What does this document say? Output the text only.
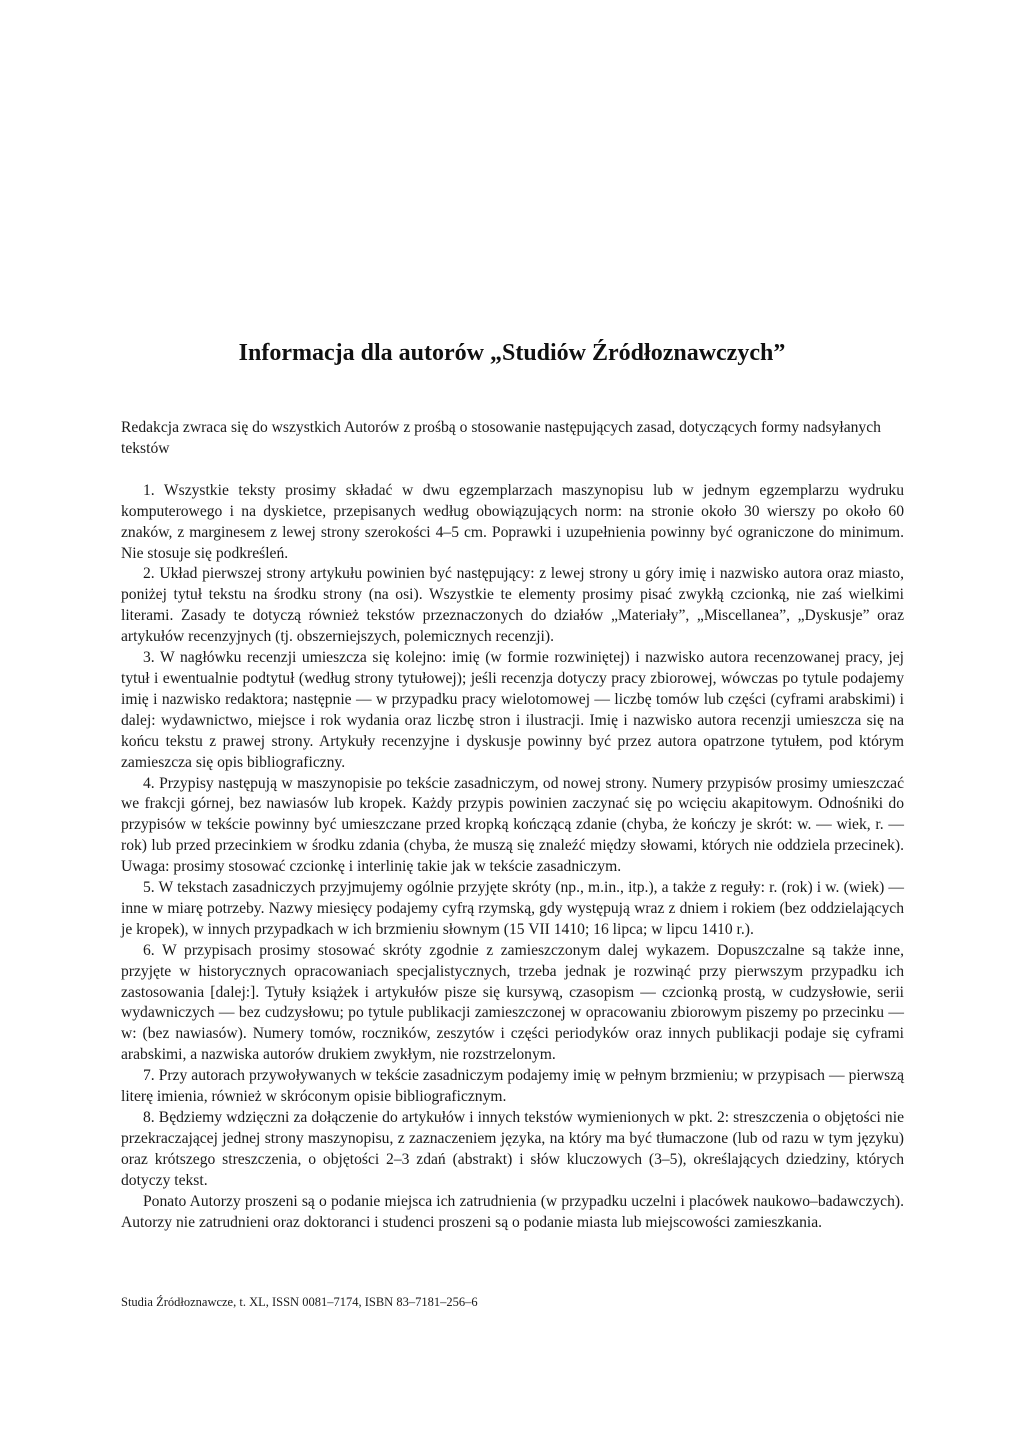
Informacja dla autorów „Studiów Źródłoznawczych”

Redakcja zwraca się do wszystkich Autorów z prośbą o stosowanie następujących zasad, dotyczących formy nadsyłanych tekstów

1. Wszystkie teksty prosimy składać w dwu egzemplarzach maszynopisu lub w jednym egzemplarzu wydruku komputerowego i na dyskietce, przepisanych według obowiązujących norm: na stronie około 30 wierszy po około 60 znaków, z marginesem z lewej strony szerokości 4–5 cm. Poprawki i uzupełnienia powinny być ograniczone do minimum. Nie stosuje się podkreśleń.

2. Układ pierwszej strony artykułu powinien być następujący: z lewej strony u góry imię i nazwisko autora oraz miasto, poniżej tytuł tekstu na środku strony (na osi). Wszystkie te elementy prosimy pisać zwykłą czcionką, nie zaś wielkimi literami. Zasady te dotyczą również tekstów przeznaczonych do działów „Materiały”, „Miscellanea”, „Dyskusje” oraz artykułów recenzyjnych (tj. obszerniejszych, polemicznych recenzji).

3. W nagłówku recenzji umieszcza się kolejno: imię (w formie rozwiniętej) i nazwisko autora recenzowanej pracy, jej tytuł i ewentualnie podtytuł (według strony tytułowej); jeśli recenzja dotyczy pracy zbiorowej, wówczas po tytule podajemy imię i nazwisko redaktora; następnie — w przypadku pracy wielotomowej — liczbę tomów lub części (cyframi arabskimi) i dalej: wydawnictwo, miejsce i rok wydania oraz liczbę stron i ilustracji. Imię i nazwisko autora recenzji umieszcza się na końcu tekstu z prawej strony. Artykuły recenzyjne i dyskusje powinny być przez autora opatrzone tytułem, pod którym zamieszcza się opis bibliograficzny.

4. Przypisy następują w maszynopisie po tekście zasadniczym, od nowej strony. Numery przypisów prosimy umieszczać we frakcji górnej, bez nawiasów lub kropek. Każdy przypis powinien zaczynać się po wcięciu akapitowym. Odnośniki do przypisów w tekście powinny być umieszczane przed kropką kończącą zdanie (chyba, że kończy je skrót: w. — wiek, r. — rok) lub przed przecinkiem w środku zdania (chyba, że muszą się znaleźć między słowami, których nie oddziela przecinek). Uwaga: prosimy stosować czcionkę i interlinię takie jak w tekście zasadniczym.

5. W tekstach zasadniczych przyjmujemy ogólnie przyjęte skróty (np., m.in., itp.), a także z reguły: r. (rok) i w. (wiek) — inne w miarę potrzeby. Nazwy miesięcy podajemy cyfrą rzymską, gdy występują wraz z dniem i rokiem (bez oddzielających je kropek), w innych przypadkach w ich brzmieniu słownym (15 VII 1410; 16 lipca; w lipcu 1410 r.).

6. W przypisach prosimy stosować skróty zgodnie z zamieszczonym dalej wykazem. Dopuszczalne są także inne, przyjęte w historycznych opracowaniach specjalistycznych, trzeba jednak je rozwinąć przy pierwszym przypadku ich zastosowania [dalej:]. Tytuły książek i artykułów pisze się kursywą, czasopism — czcionką prostą, w cudzysłowie, serii wydawniczych — bez cudzysłowu; po tytule publikacji zamieszczonej w opracowaniu zbiorowym piszemy po przecinku — w: (bez nawiasów). Numery tomów, roczników, zeszytów i części periodyków oraz innych publikacji podaje się cyframi arabskimi, a nazwiska autorów drukiem zwykłym, nie rozstrzelonym.

7. Przy autorach przywoływanych w tekście zasadniczym podajemy imię w pełnym brzmieniu; w przypisach — pierwszą literę imienia, również w skróconym opisie bibliograficznym.

8. Będziemy wdzięczni za dołączenie do artykułów i innych tekstów wymienionych w pkt. 2: streszczenia o objętości nie przekraczającej jednej strony maszynopisu, z zaznaczeniem języka, na który ma być tłumaczone (lub od razu w tym języku) oraz krótszego streszczenia, o objętości 2–3 zdań (abstrakt) i słów kluczowych (3–5), określających dziedziny, których dotyczy tekst.

Ponato Autorzy proszeni są o podanie miejsca ich zatrudnienia (w przypadku uczelni i placówek naukowo–badawczych). Autorzy nie zatrudnieni oraz doktoranci i studenci proszeni są o podanie miasta lub miejscowości zamieszkania.

Studia Źródłoznawcze, t. XL, ISSN 0081–7174, ISBN 83–7181–256–6
